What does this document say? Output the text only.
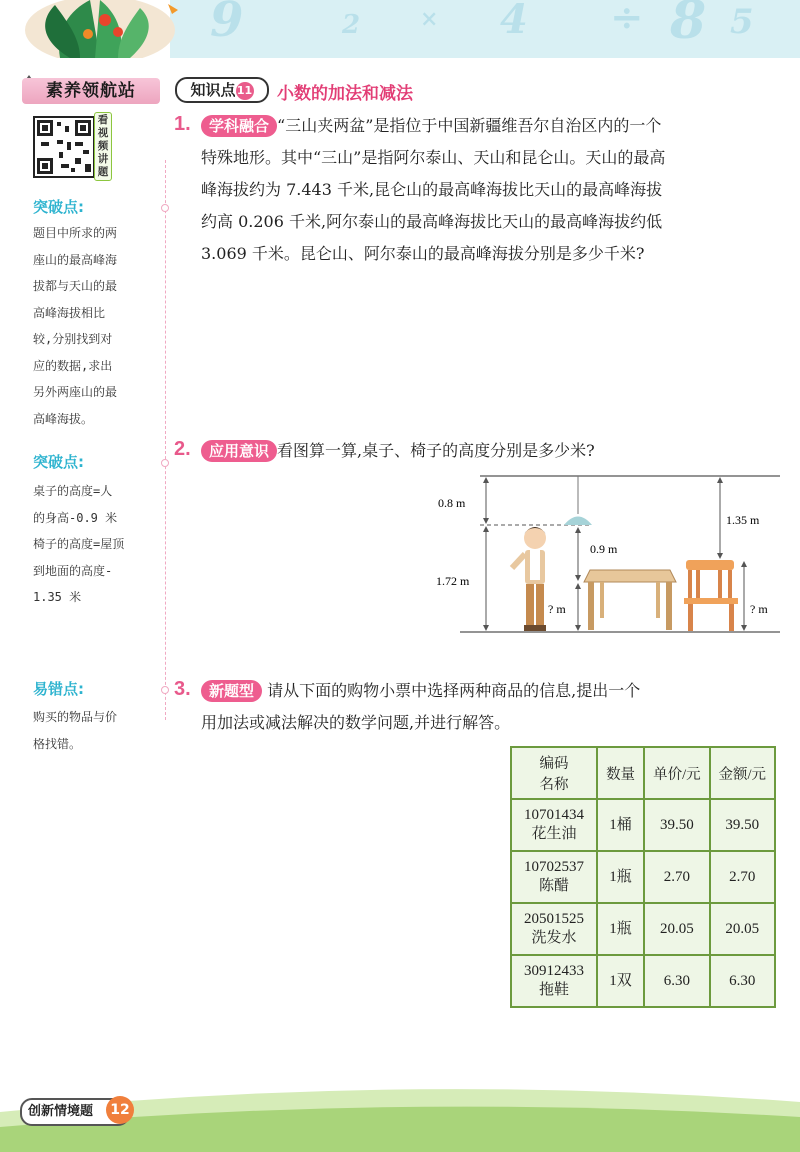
9	2	× 4 ÷ 8 5
素养领航站
看视频讲题
突破点:
题目中所求的两
座山的最高峰海
拔都与天山的最
高峰海拔相比
较,分别找到对
应的数据,求出
另外两座山的最
高峰海拔。
突破点:
桌子的高度=人
的身高-0.9 米
椅子的高度=屋顶
到地面的高度-
1.35 米
易错点:
购买的物品与价
格找错。
知识点11	小数的加法和减法
1.	学科融合 “三山夹两盆”是指位于中国新疆维吾尔自治区内的一个
特殊地形。其中“三山”是指阿尔泰山、天山和昆仑山。天山的最高
峰海拔约为 7.443 千米,昆仑山的最高峰海拔比天山的最高峰海拔
约高 0.206 千米,阿尔泰山的最高峰海拔比天山的最高峰海拔约低
3.069 千米。昆仑山、阿尔泰山的最高峰海拔分别是多少千米?
2.	应用意识 看图算一算,桌子、椅子的高度分别是多少米?
0.8 m
1.72 m
0.9 m
? m
1.35 m
? m
3.	新题型 请从下面的购物小票中选择两种商品的信息,提出一个
用加法或减法解决的数学问题,并进行解答。
编码
名称	数量	单价/元	金额/元

10701434
花生油	1桶	39.50	39.50

10702537
陈醋	1瓶	2.70	2.70

20501525
洗发水	1瓶	20.05	20.05

30912433
拖鞋	1双	6.30	6.30
创新情境题	12
